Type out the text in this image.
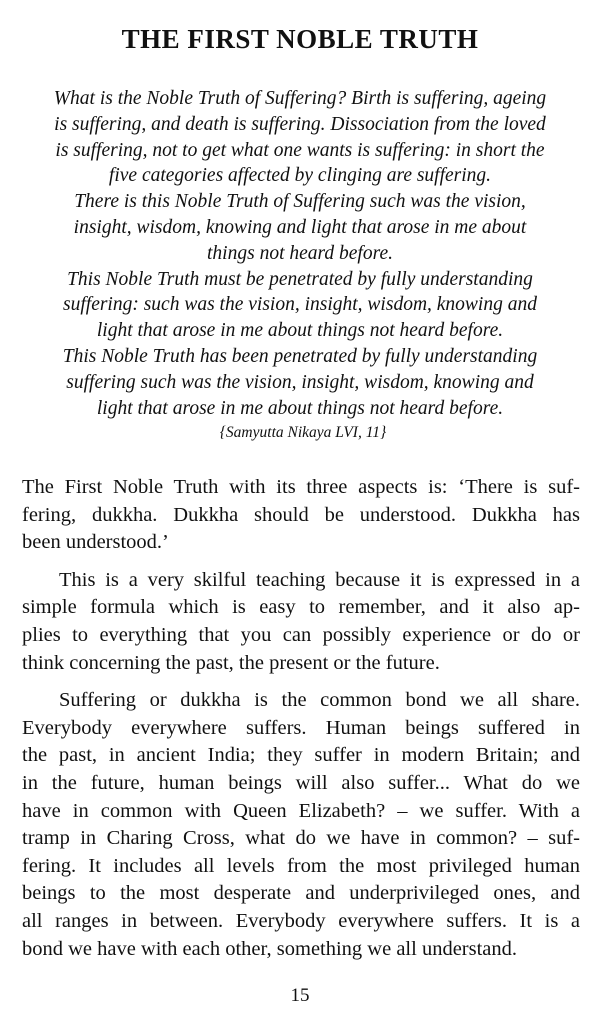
THE FIRST NOBLE TRUTH
What is the Noble Truth of Suffering? Birth is suffering, ageing
is suffering, and death is suffering. Dissociation from the loved
is suffering, not to get what one wants is suffering: in short the
five categories affected by clinging are suffering.
There is this Noble Truth of Suffering such was the vision,
insight, wisdom, knowing and light that arose in me about
things not heard before.
This Noble Truth must be penetrated by fully understanding
suffering: such was the vision, insight, wisdom, knowing and
light that arose in me about things not heard before.
This Noble Truth has been penetrated by fully understanding
suffering such was the vision, insight, wisdom, knowing and
light that arose in me about things not heard before.
{Samyutta Nikaya LVI, 11}
The First Noble Truth with its three aspects is: ‘There is suf-
fering, dukkha. Dukkha should be understood. Dukkha has
been understood.’
This is a very skilful teaching because it is expressed in a
simple formula which is easy to remember, and it also ap-
plies to everything that you can possibly experience or do or
think concerning the past, the present or the future.
Suffering or dukkha is the common bond we all share.
Everybody everywhere suffers. Human beings suffered in
the past, in ancient India; they suffer in modern Britain; and
in the future, human beings will also suffer... What do we
have in common with Queen Elizabeth? – we suffer. With a
tramp in Charing Cross, what do we have in common? – suf-
fering. It includes all levels from the most privileged human
beings to the most desperate and underprivileged ones, and
all ranges in between. Everybody everywhere suffers. It is a
bond we have with each other, something we all understand.
15
